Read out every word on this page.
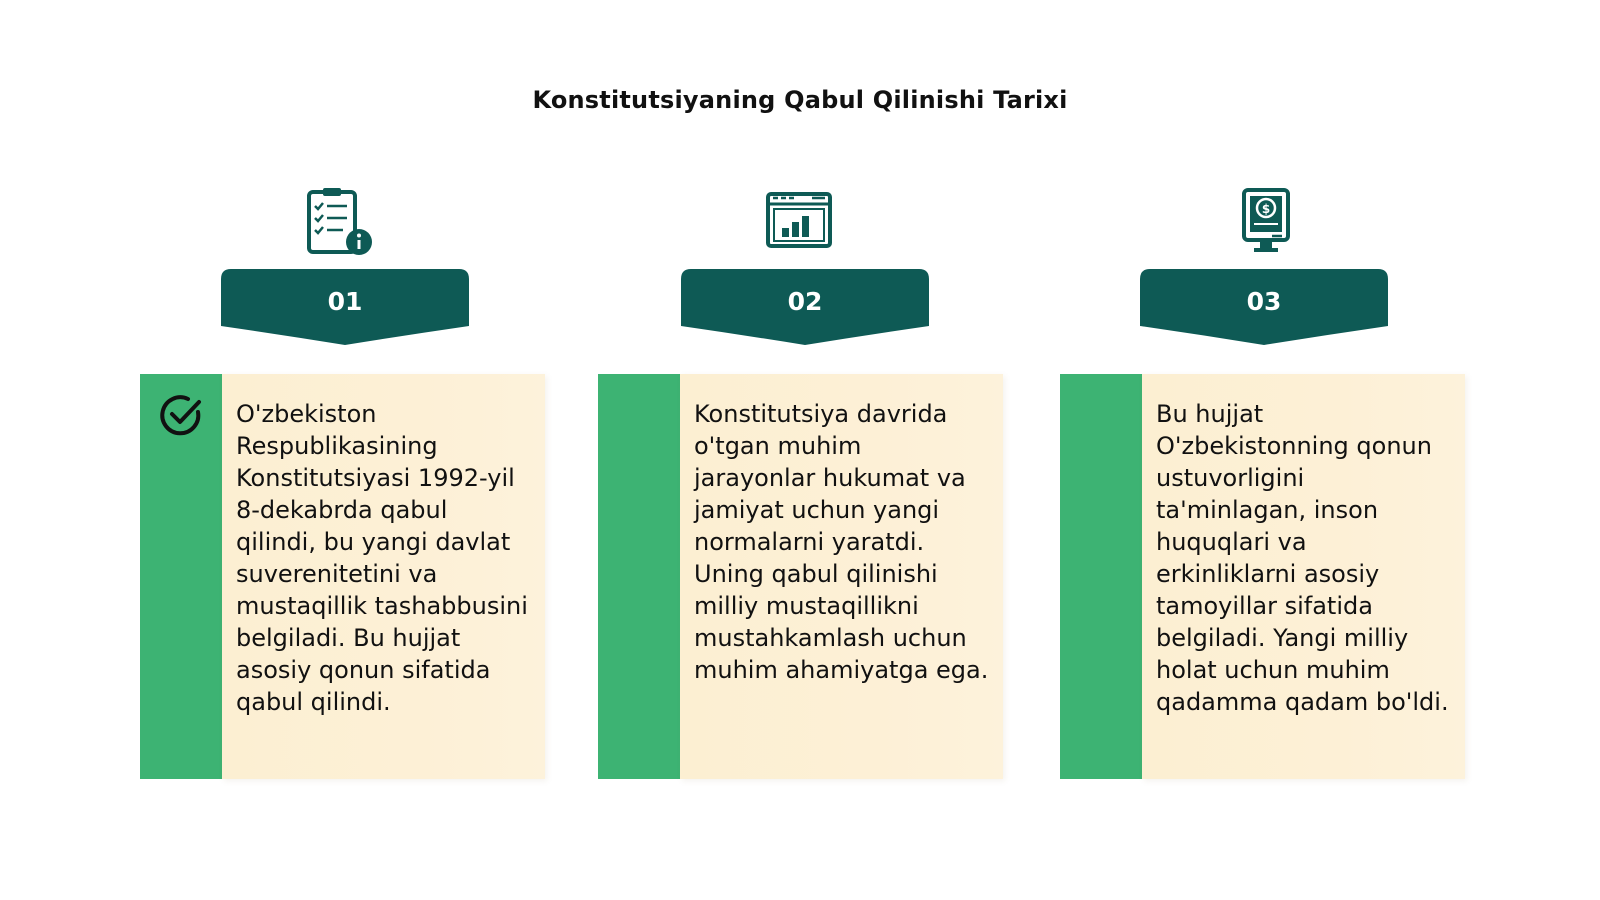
Konstitutsiyaning Qabul Qilinishi Tarixi
01

O'zbekiston Respublikasining Konstitutsiyasi 1992-yil 8-dekabrda qabul qilindi, bu yangi davlat suverenitetini va mustaqillik tashabbusini belgiladi. Bu hujjat asosiy qonun sifatida qabul qilindi.

02

Konstitutsiya davrida o'tgan muhim jarayonlar hukumat va jamiyat uchun yangi normalarni yaratdi. Uning qabul qilinishi milliy mustaqillikni mustahkamlash uchun muhim ahamiyatga ega.

$
03

Bu hujjat O'zbekistonning qonun ustuvorligini ta'minlagan, inson huquqlari va erkinliklarni asosiy tamoyillar sifatida belgiladi. Yangi milliy holat uchun muhim qadamma qadam bo'ldi.
